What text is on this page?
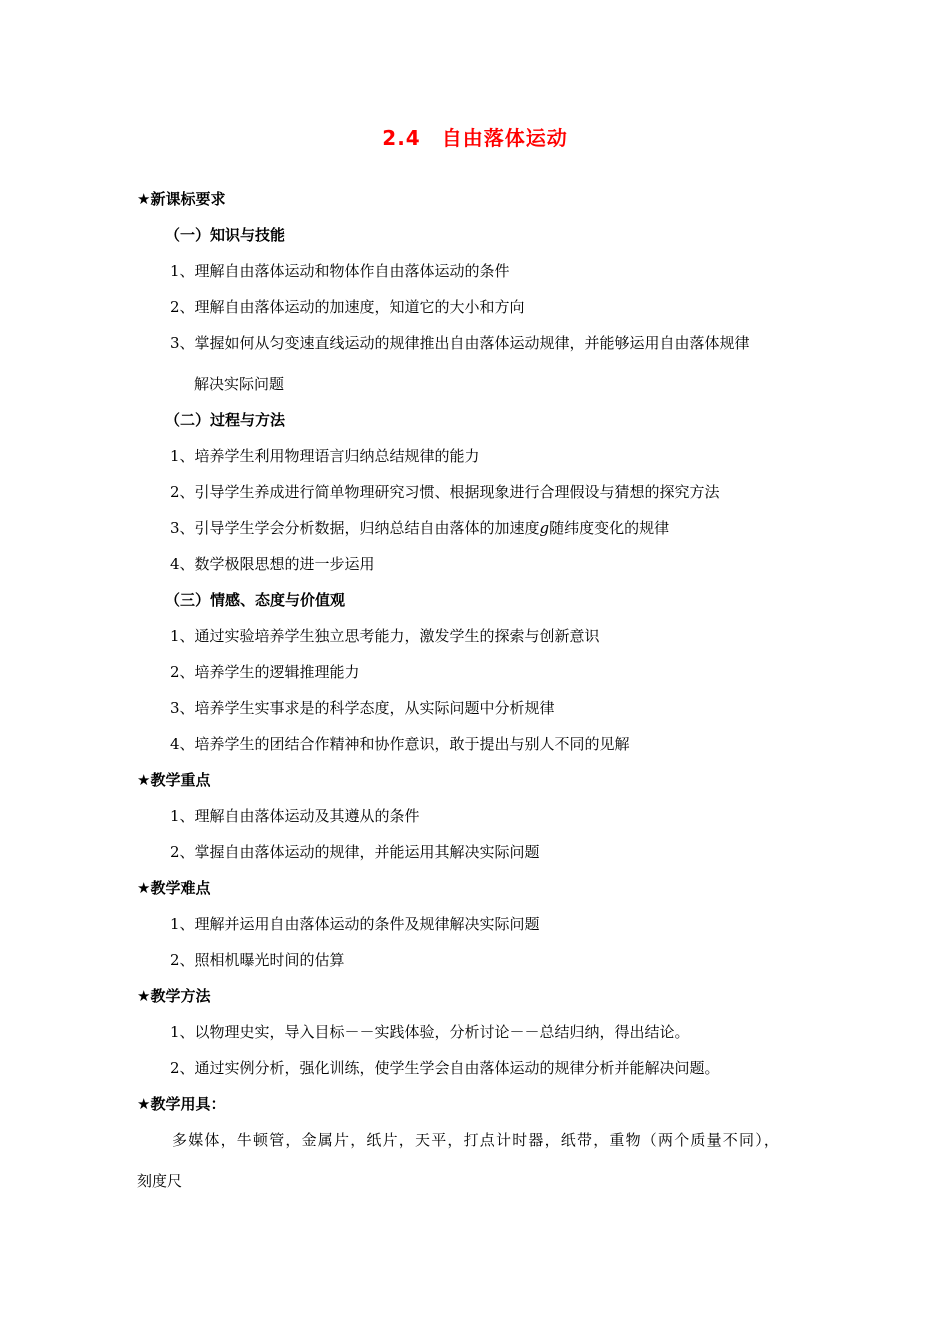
2.4　自由落体运动
★新课标要求
（一）知识与技能
1、理解自由落体运动和物体作自由落体运动的条件
2、理解自由落体运动的加速度，知道它的大小和方向
3、掌握如何从匀变速直线运动的规律推出自由落体运动规律，并能够运用自由落体规律
解决实际问题
（二）过程与方法
1、培养学生利用物理语言归纳总结规律的能力
2、引导学生养成进行简单物理研究习惯、根据现象进行合理假设与猜想的探究方法
3、引导学生学会分析数据，归纳总结自由落体的加速度g随纬度变化的规律
4、数学极限思想的进一步运用
（三）情感、态度与价值观
1、通过实验培养学生独立思考能力，激发学生的探索与创新意识
2、培养学生的逻辑推理能力
3、培养学生实事求是的科学态度，从实际问题中分析规律
4、培养学生的团结合作精神和协作意识，敢于提出与别人不同的见解
★教学重点
1、理解自由落体运动及其遵从的条件
2、掌握自由落体运动的规律，并能运用其解决实际问题
★教学难点
1、理解并运用自由落体运动的条件及规律解决实际问题
2、照相机曝光时间的估算
★教学方法
1、以物理史实，导入目标－－实践体验，分析讨论－－总结归纳，得出结论。
2、通过实例分析，强化训练，使学生学会自由落体运动的规律分析并能解决问题。
★教学用具：
多媒体，牛顿管，金属片，纸片，天平，打点计时器，纸带，重物（两个质量不同），
刻度尺
